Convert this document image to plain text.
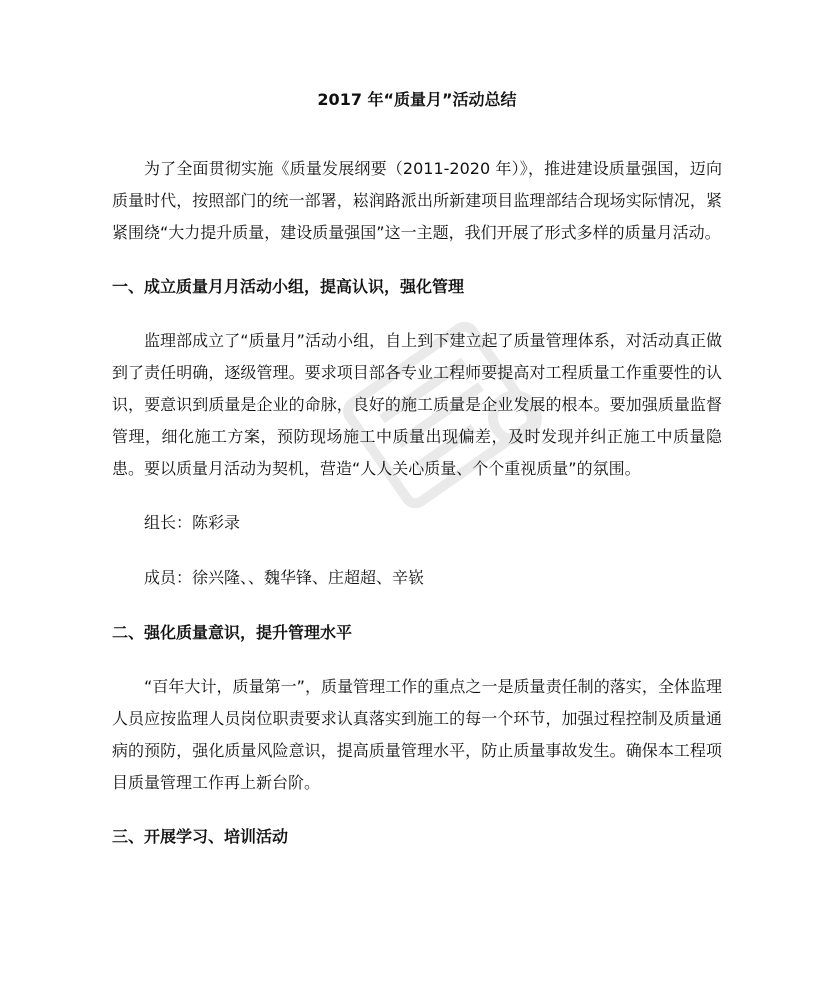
2017 年“质量月”活动总结
为了全面贯彻实施《质量发展纲要（2011-2020 年）》，推进建设质量强国，迈向质量时代，按照部门的统一部署，崧润路派出所新建项目监理部结合现场实际情况，紧紧围绕“大力提升质量，建设质量强国”这一主题，我们开展了形式多样的质量月活动。
一、成立质量月月活动小组，提高认识，强化管理
监理部成立了“质量月”活动小组，自上到下建立起了质量管理体系，对活动真正做到了责任明确，逐级管理。要求项目部各专业工程师要提高对工程质量工作重要性的认识，要意识到质量是企业的命脉，良好的施工质量是企业发展的根本。要加强质量监督管理，细化施工方案，预防现场施工中质量出现偏差，及时发现并纠正施工中质量隐患。要以质量月活动为契机，营造“人人关心质量、个个重视质量”的氛围。
组长：陈彩录
成员：徐兴隆、、魏华锋、庄超超、辛嵚
二、强化质量意识，提升管理水平
“百年大计，质量第一”，质量管理工作的重点之一是质量责任制的落实，全体监理人员应按监理人员岗位职责要求认真落实到施工的每一个环节，加强过程控制及质量通病的预防，强化质量风险意识，提高质量管理水平，防止质量事故发生。确保本工程项目质量管理工作再上新台阶。
三、开展学习、培训活动
